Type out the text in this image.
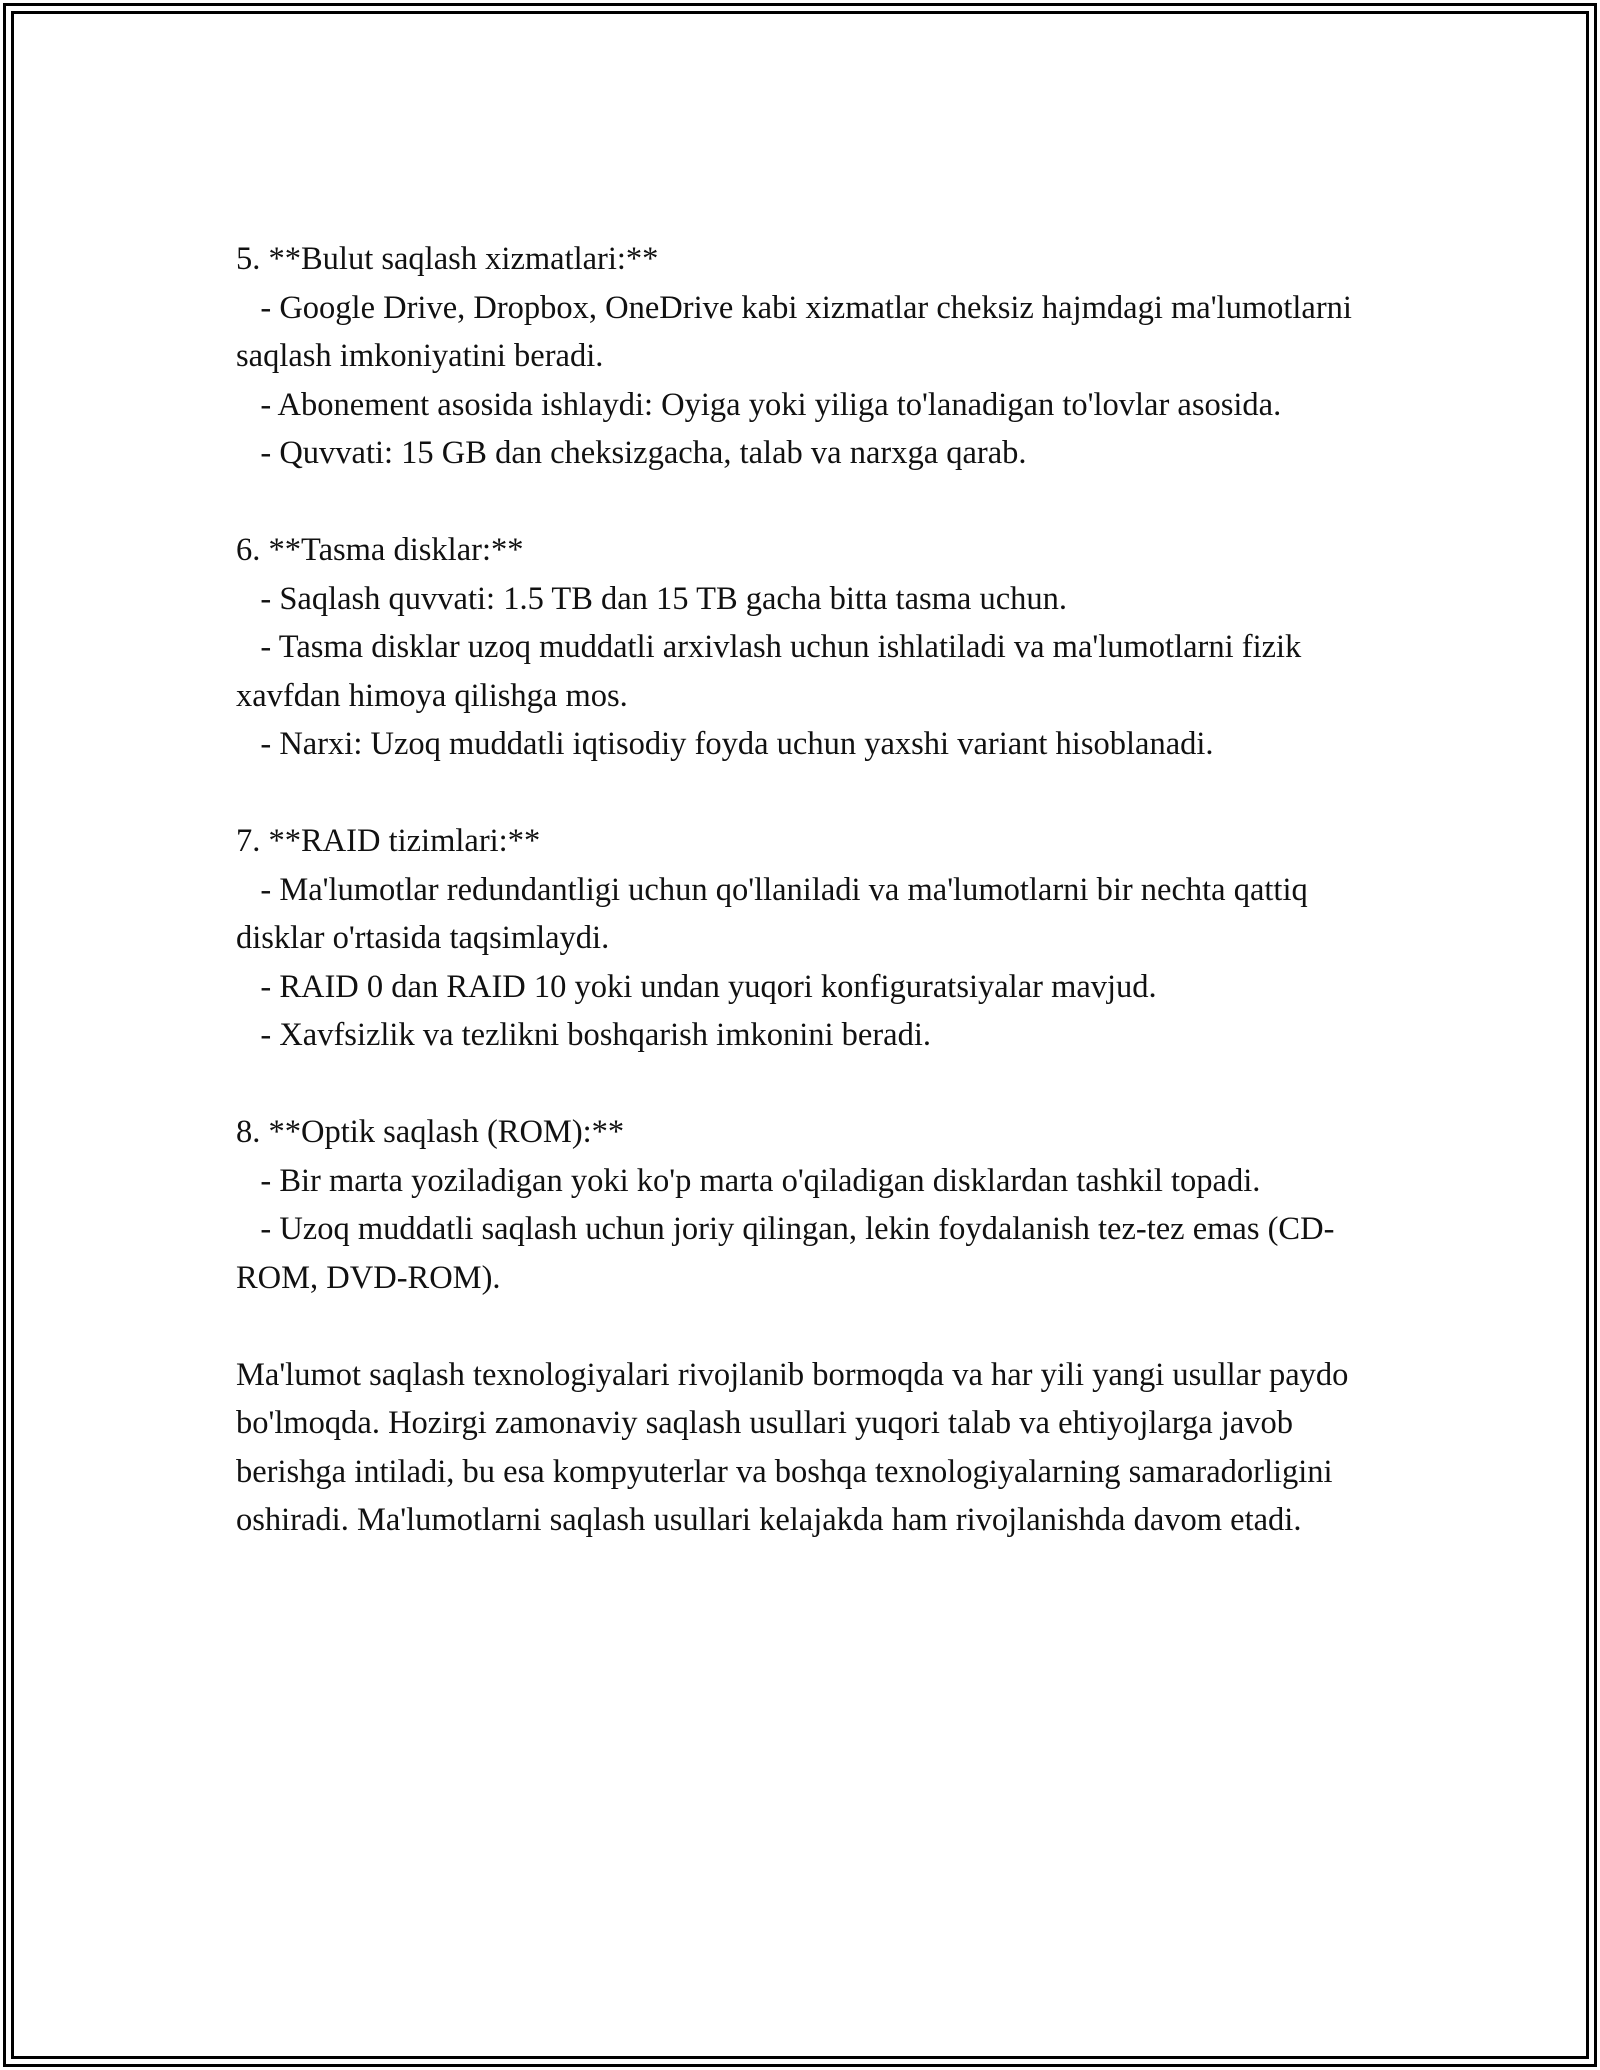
5. **Bulut saqlash xizmatlari:**
- Google Drive, Dropbox, OneDrive kabi xizmatlar cheksiz hajmdagi ma'lumotlarni saqlash imkoniyatini beradi.
- Abonement asosida ishlaydi: Oyiga yoki yiliga to'lanadigan to'lovlar asosida.
- Quvvati: 15 GB dan cheksizgacha, talab va narxga qarab.
6. **Tasma disklar:**
- Saqlash quvvati: 1.5 TB dan 15 TB gacha bitta tasma uchun.
- Tasma disklar uzoq muddatli arxivlash uchun ishlatiladi va ma'lumotlarni fizik xavfdan himoya qilishga mos.
- Narxi: Uzoq muddatli iqtisodiy foyda uchun yaxshi variant hisoblanadi.
7. **RAID tizimlari:**
- Ma'lumotlar redundantligi uchun qo'llaniladi va ma'lumotlarni bir nechta qattiq disklar o'rtasida taqsimlaydi.
- RAID 0 dan RAID 10 yoki undan yuqori konfiguratsiyalar mavjud.
- Xavfsizlik va tezlikni boshqarish imkonini beradi.
8. **Optik saqlash (ROM):**
- Bir marta yoziladigan yoki ko'p marta o'qiladigan disklardan tashkil topadi.
- Uzoq muddatli saqlash uchun joriy qilingan, lekin foydalanish tez-tez emas (CD-ROM, DVD-ROM).

Ma'lumot saqlash texnologiyalari rivojlanib bormoqda va har yili yangi usullar paydo bo'lmoqda. Hozirgi zamonaviy saqlash usullari yuqori talab va ehtiyojlarga javob berishga intiladi, bu esa kompyuterlar va boshqa texnologiyalarning samaradorligini oshiradi. Ma'lumotlarni saqlash usullari kelajakda ham rivojlanishda davom etadi.
